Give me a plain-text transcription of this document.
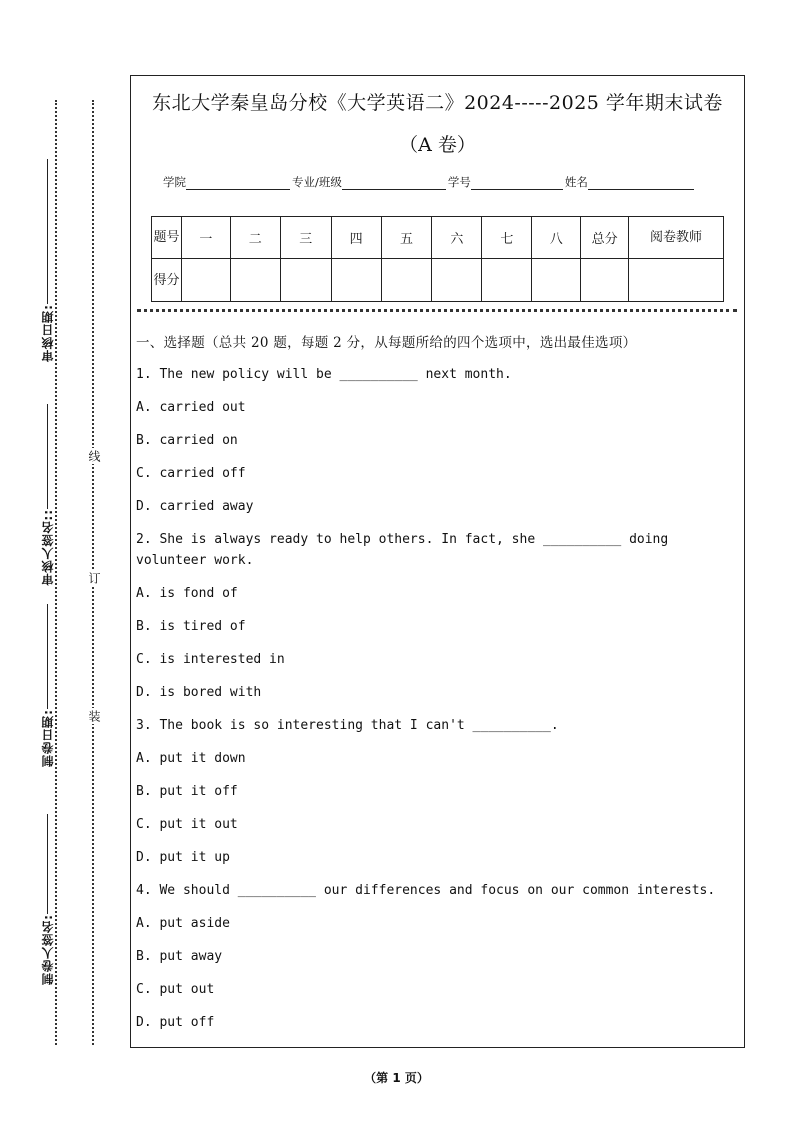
审核日期:
审核人签名::
制卷日期:
制卷人签名:
线
订
装
东北大学秦皇岛分校《大学英语二》2024-----2025 学年期末试卷
（A 卷）
学院	专业/班级	学号	姓名
题号	一	二	三	四	五	六	七	八	总分	阅卷教师
得分										
一、选择题（总共 20 题，每题 2 分，从每题所给的四个选项中，选出最佳选项）
1. The new policy will be __________ next month.
A. carried out
B. carried on
C. carried off
D. carried away
2. She is always ready to help others. In fact, she __________ doing volunteer work.
A. is fond of
B. is tired of
C. is interested in
D. is bored with
3. The book is so interesting that I can't __________.
A. put it down
B. put it off
C. put it out
D. put it up
4. We should __________ our differences and focus on our common interests.
A. put aside
B. put away
C. put out
D. put off
（第 1 页）
